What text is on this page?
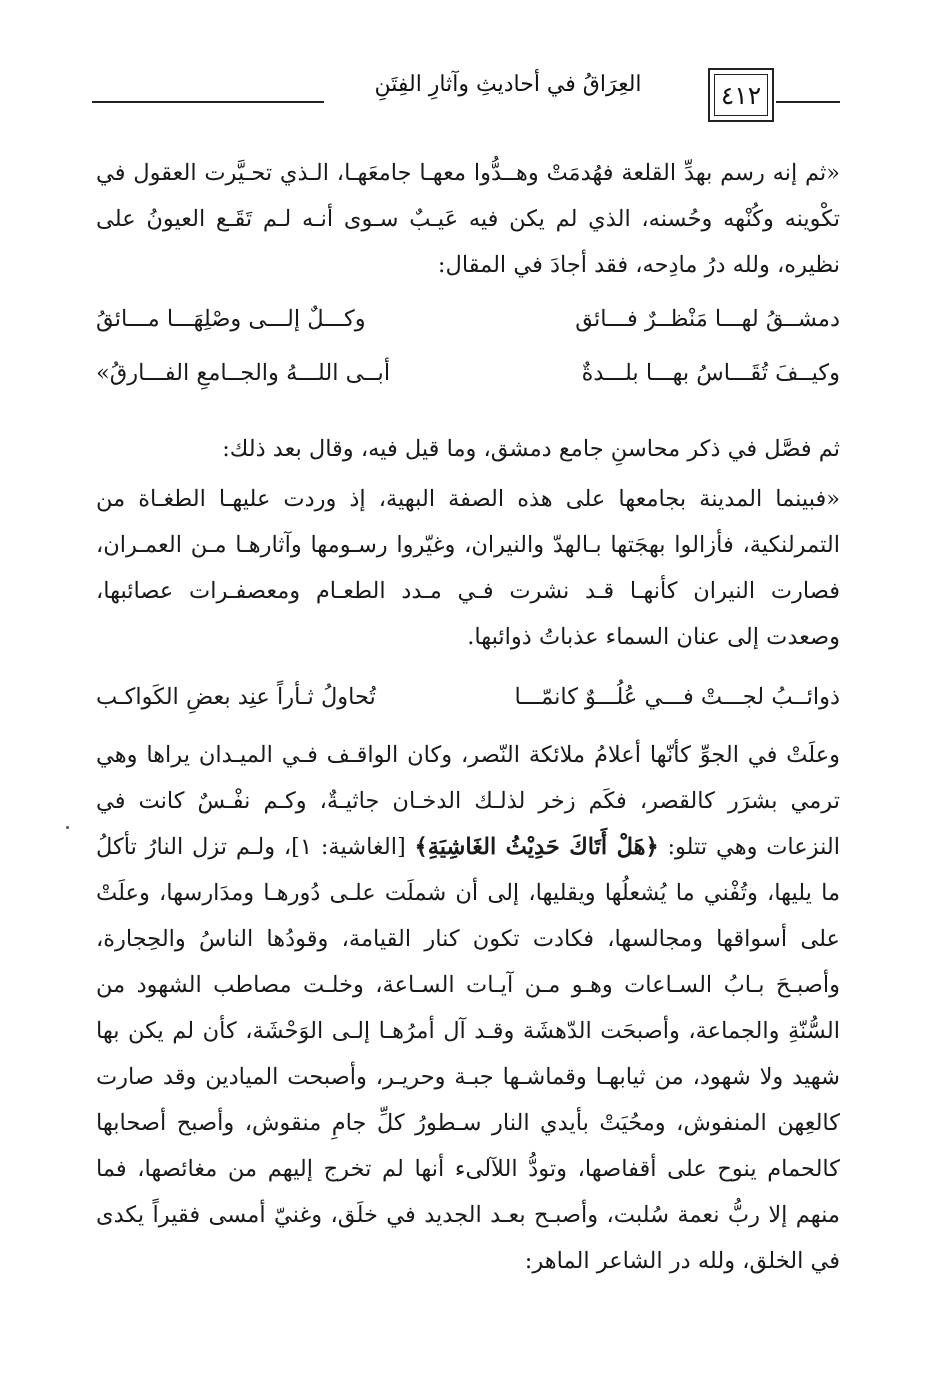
العِرَاقُ في أحاديثِ وآثارِ الفِتَنِ	٤١٢

«ثم إنه رسم بهدِّ القلعة فهُدمَتْ وهــدُّوا معهـا جامعَهـا، الـذي تحـيَّرت العقول في تكْوينه وكُنْهه وحُسنه، الذي لم يكن فيه عَيـبٌ سـوى أنـه لـم تَقَـع العيونُ على نظيره، ولله درُ مادِحه، فقد أجادَ في المقال:

دمشــقُ لهـــا مَنْظــرٌ فـــائق
وكـــلٌ إلـــى وصْلِهَـــا مـــائقُ
وكيــفَ تُقَـــاسُ بهـــا بلـــدةٌ
أبــى اللـــهُ والجــامعِ الفـــارقُ»

ثم فصَّل في ذكر محاسنِ جامع دمشق، وما قيل فيه، وقال بعد ذلك:

«فبينما المدينة بجامعها على هذه الصفة البهية، إذ وردت عليهـا الطغـاة من التمرلنكية، فأزالوا بهجَتها بـالهدّ والنيران، وغيّروا رسـومها وآثارهـا مـن العمـران، فصارت النيران كأنهـا قـد نشرت فـي مـدد الطعـام ومعصفـرات عصائبها، وصعدت إلى عنان السماء عذباتُ ذوائبها.

ذوائــبُ لجـــتْ فـــي عُلُـــوٌ كانمّـــا
تُحاولُ ثـأراً عنِد بعضِ الكَواكـب

وعلَتْ في الجوِّ كأنّها أعلامُ ملائكة النّصر، وكان الواقـف فـي الميـدان يراها وهي ترمي بشرَر كالقصر، فكَم زخر لذلـك الدخـان جاثيـةٌ، وكـم نفْـسٌ كانت في النزعات وهي تتلو: ﴿هَلْ أَتَاكَ حَدِيْثُ الغَاشِيَةِ﴾ [الغاشية: ١]، ولـم تزل النارُ تأكلُ ما يليها، وتُفْني ما يُشعلُها ويقليها، إلى أن شملَت علـى دُورهـا ومدَارسها، وعلَتْ على أسواقها ومجالسها، فكادت تكون كنار القيامة، وقودُها الناسُ والحِجارة، وأصبـحَ بـابُ السـاعات وهـو مـن آيـات السـاعة، وخلـت مصاطب الشهود من السُّنّةِ والجماعة، وأصبحَت الدّهشَة وقـد آل أمرُهـا إلـى الوَحْشَة، كأن لم يكن بها شهيد ولا شهود، من ثيابهـا وقماشـها جبـة وحريـر، وأصبحت الميادين وقد صارت كالعِهن المنفوش، ومحُيَتْ بأيدي النار سـطورُ كلِّ جامِ منقوش، وأصبح أصحابها كالحمام ينوح على أقفاصها، وتودُّ اللآلىء أنها لم تخرج إليهم من مغائصها، فما منهم إلا ربُّ نعمة سُلبت، وأصبـح بعـد الجديد في خلَق، وغنيّ أمسى فقيراً يكدى في الخلق، ولله در الشاعر الماهر:
